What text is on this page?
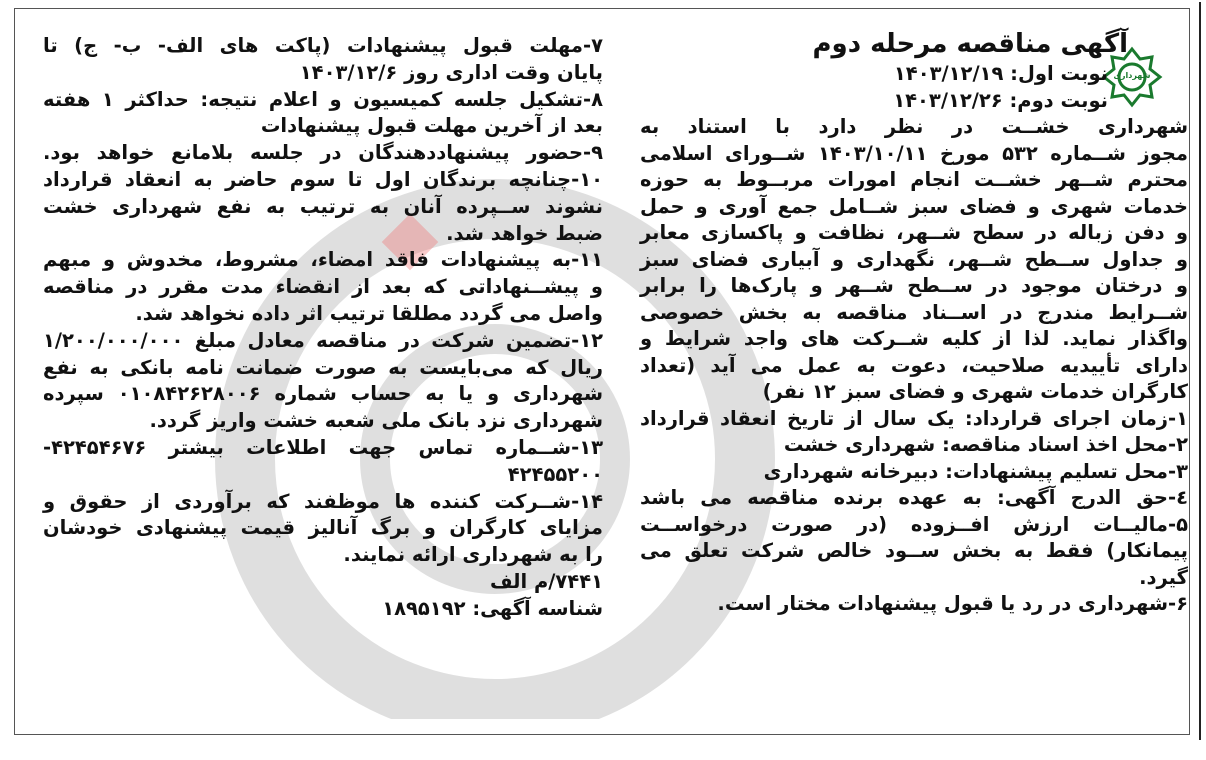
شهرداری
آگهی مناقصه مرحله دوم
نوبت اول: ۱۴۰۳/۱۲/۱۹
نوبت دوم: ۱۴۰۳/۱۲/۲۶
شهرداری خشــت در نظر دارد با استناد به
مجوز شــماره ۵۳۲ مورخ ۱۴۰۳/۱۰/۱۱ شــورای اسلامی
محترم شــهر خشــت انجام امورات مربــوط به حوزه
خدمات شهری و فضای سبز شــامل جمع آوری و حمل
و دفن زباله در سطح شــهر، نظافت و پاکسازی معابر
و جداول ســطح شــهر، نگهداری و آبیاری فضای سبز
و درختان موجود در ســطح شــهر و پارک‌ها را برابر
شــرایط مندرج در اســناد مناقصه به بخش خصوصی
واگذار نماید. لذا از کلیه شــرکت های واجد شرایط و
دارای تأییدیه صلاحیت، دعوت به عمل می آید (تعداد
کارگران خدمات شهری و فضای سبز ۱۲ نفر)
۱-زمان اجرای قرارداد: یک سال از تاریخ انعقاد قرارداد
۲-محل اخذ اسناد مناقصه: شهرداری خشت
۳-محل تسلیم پیشنهادات: دبیرخانه شهرداری
٤-حق الدرج آگهی: به عهده برنده مناقصه می باشد
۵-مالیــات ارزش افــزوده (در صورت درخواســت
پیمانکار) فقط به بخش ســود خالص شرکت تعلق می
گیرد.
۶-شهرداری در رد یا قبول پیشنهادات مختار است.
۷-مهلت قبول پیشنهادات (پاکت های الف- ب- ج) تا
پایان وقت اداری روز ۱۴۰۳/۱۲/۶
۸-تشکیل جلسه کمیسیون و اعلام نتیجه: حداکثر ۱ هفته
بعد از آخرین مهلت قبول پیشنهادات
۹-حضور پیشنهاددهندگان در جلسه بلامانع خواهد بود.
۱۰-چنانچه برندگان اول تا سوم حاضر به انعقاد قرارداد
نشوند ســپرده آنان به ترتیب به نفع شهرداری خشت
ضبط خواهد شد.
۱۱-به پیشنهادات فاقد امضاء، مشروط، مخدوش و مبهم
و پیشــنهاداتی که بعد از انقضاء مدت مقرر در مناقصه
واصل می گردد مطلقا ترتیب اثر داده نخواهد شد.
۱۲-تضمین شرکت در مناقصه معادل مبلغ ۱/۲۰۰/۰۰۰/۰۰۰
ریال که می‌بایست به صورت ضمانت نامه بانکی به نفع
شهرداری و یا به حساب شماره ۰۱۰۸۴۲۶۲۸۰۰۶ سپرده
شهرداری نزد بانک ملی شعبه خشت واریز گردد.
۱۳-شــماره تماس جهت اطلاعات بیشتر ۴۲۴۵۴۶۷۶-
۴۲۴۵۵۲۰۰
۱۴-شــرکت کننده ها موظفند که برآوردی از حقوق و
مزایای کارگران و برگ آنالیز قیمت پیشنهادی خودشان
را به شهرداری ارائه نمایند.
۷۴۴۱/م الف
شناسه آگهی: ۱۸۹۵۱۹۲
